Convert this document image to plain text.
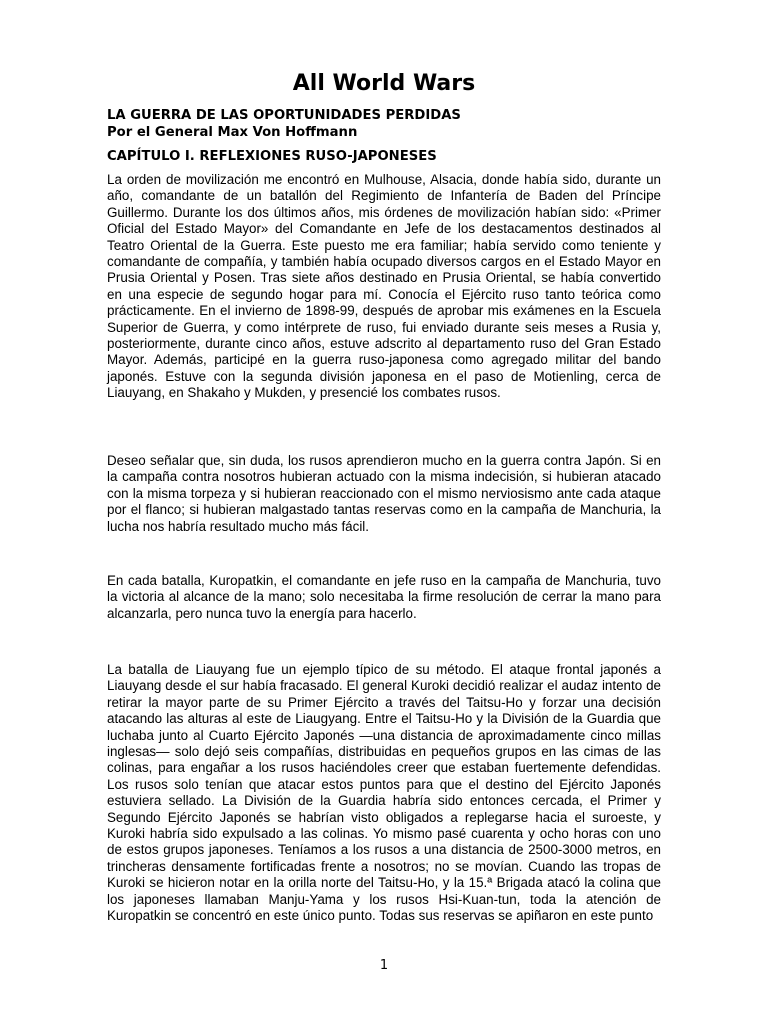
All World Wars

LA GUERRA DE LAS OPORTUNIDADES PERDIDAS

Por el General Max Von Hoffmann

CAPÍTULO I. REFLEXIONES RUSO-JAPONESES

La orden de movilización me encontró en Mulhouse, Alsacia, donde había sido, durante un año, comandante de un batallón del Regimiento de Infantería de Baden del Príncipe Guillermo. Durante los dos últimos años, mis órdenes de movilización habían sido: «Primer Oficial del Estado Mayor» del Comandante en Jefe de los destacamentos destinados al Teatro Oriental de la Guerra. Este puesto me era familiar; había servido como teniente y comandante de compañía, y también había ocupado diversos cargos en el Estado Mayor en Prusia Oriental y Posen. Tras siete años destinado en Prusia Oriental, se había convertido en una especie de segundo hogar para mí. Conocía el Ejército ruso tanto teórica como prácticamente. En el invierno de 1898-99, después de aprobar mis exámenes en la Escuela Superior de Guerra, y como intérprete de ruso, fui enviado durante seis meses a Rusia y, posteriormente, durante cinco años, estuve adscrito al departamento ruso del Gran Estado Mayor. Además, participé en la guerra ruso-japonesa como agregado militar del bando japonés. Estuve con la segunda división japonesa en el paso de Motienling, cerca de Liauyang, en Shakaho y Mukden, y presencié los combates rusos.

Deseo señalar que, sin duda, los rusos aprendieron mucho en la guerra contra Japón. Si en la campaña contra nosotros hubieran actuado con la misma indecisión, si hubieran atacado con la misma torpeza y si hubieran reaccionado con el mismo nerviosismo ante cada ataque por el flanco; si hubieran malgastado tantas reservas como en la campaña de Manchuria, la lucha nos habría resultado mucho más fácil.

En cada batalla, Kuropatkin, el comandante en jefe ruso en la campaña de Manchuria, tuvo la victoria al alcance de la mano; solo necesitaba la firme resolución de cerrar la mano para alcanzarla, pero nunca tuvo la energía para hacerlo.

La batalla de Liauyang fue un ejemplo típico de su método. El ataque frontal japonés a Liauyang desde el sur había fracasado. El general Kuroki decidió realizar el audaz intento de retirar la mayor parte de su Primer Ejército a través del Taitsu-Ho y forzar una decisión atacando las alturas al este de Liaugyang. Entre el Taitsu-Ho y la División de la Guardia que luchaba junto al Cuarto Ejército Japonés —una distancia de aproximadamente cinco millas inglesas— solo dejó seis compañías, distribuidas en pequeños grupos en las cimas de las colinas, para engañar a los rusos haciéndoles creer que estaban fuertemente defendidas. Los rusos solo tenían que atacar estos puntos para que el destino del Ejército Japonés estuviera sellado. La División de la Guardia habría sido entonces cercada, el Primer y Segundo Ejército Japonés se habrían visto obligados a replegarse hacia el suroeste, y Kuroki habría sido expulsado a las colinas. Yo mismo pasé cuarenta y ocho horas con uno de estos grupos japoneses. Teníamos a los rusos a una distancia de 2500-3000 metros, en trincheras densamente fortificadas frente a nosotros; no se movían. Cuando las tropas de Kuroki se hicieron notar en la orilla norte del Taitsu-Ho, y la 15.ª Brigada atacó la colina que los japoneses llamaban Manju-Yama y los rusos Hsi-Kuan-tun, toda la atención de Kuropatkin se concentró en este único punto. Todas sus reservas se apiñaron en este punto

1
